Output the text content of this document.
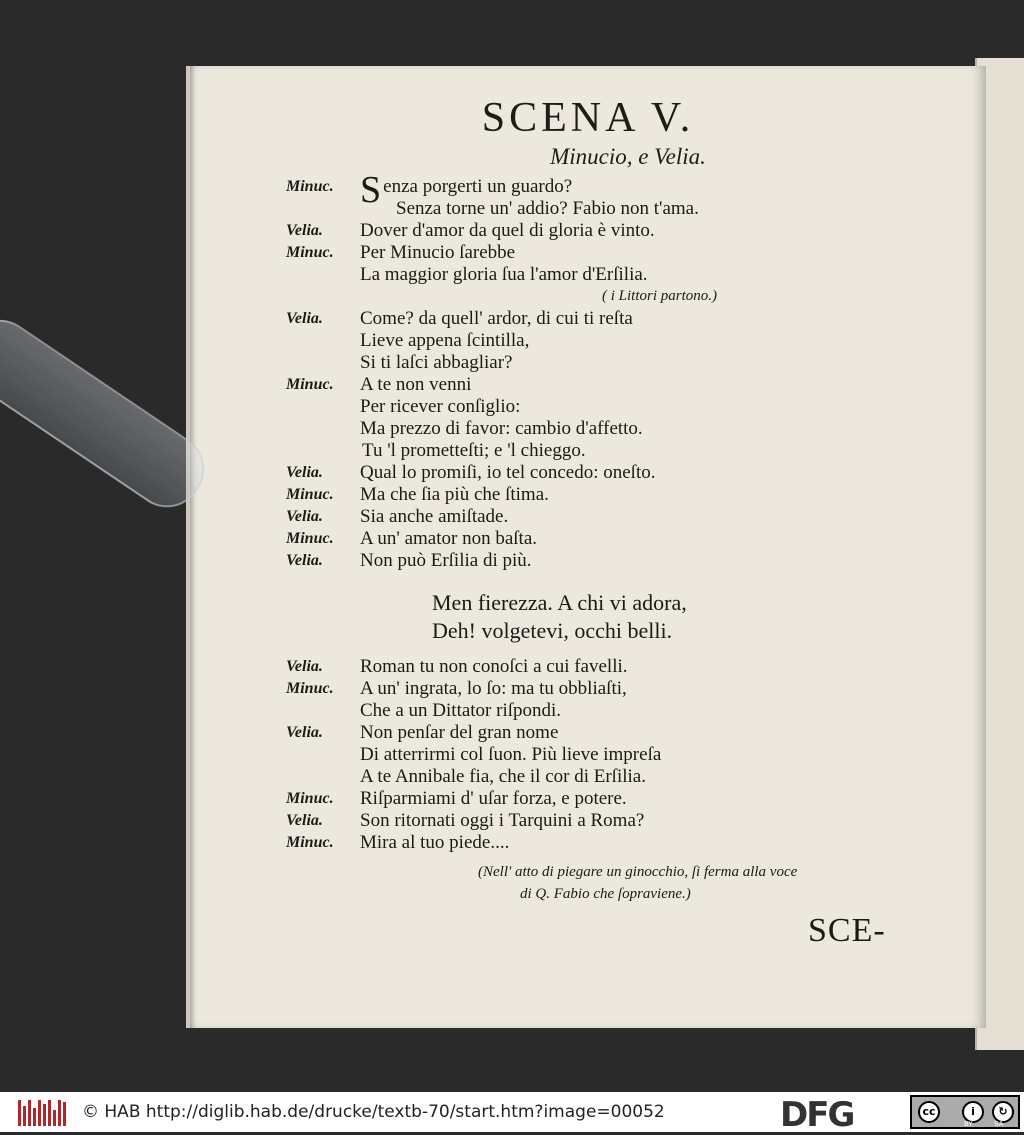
SCENA V.
Minucio, e Velia.
Minuc. Senza porgerti un guardo?
Senza torne un' addio? Fabio non t'ama.
Velia. Dover d'amor da quel di gloria è vinto.
Minuc. Per Minucio ſarebbe
La maggior gloria ſua l'amor d'Erſilia.
Velia. Come? da quell' ardor, di cui ti reſta
Lieve appena ſcintilla,
Si ti laſci abbagliar?
Minuc. A te non venni
Per ricever conſiglio:
Ma prezzo di favor: cambio d'affetto.
Tu 'l prometteſti; e 'l chieggo.
Velia. Qual lo promiſi, io tel concedo: oneſto.
Minuc. Ma che ſia più che ſtima.
Velia. Sia anche amiſtade.
Minuc. A un' amator non baſta.
Velia. Non può Erſilia di più.
( i Littori partono.)
Men fierezza. A chi vi adora,
Deh! volgetevi, occhi belli.
Velia. Roman tu non conoſci a cui favelli.
Minuc. A un' ingrata, lo ſo: ma tu obbliaſti,
Che a un Dittator riſpondi.
Velia. Non penſar del gran nome
Di atterrirmi col ſuon. Più lieve impreſa
A te Annibale fia, che il cor di Erſilia.
Minuc. Riſparmiami d' uſar forza, e potere.
Velia. Son ritornati oggi i Tarquini a Roma?
Minuc. Mira al tuo piede....
(Nell' atto di piegare un ginocchio, ſi ferma alla voce
di Q. Fabio che ſopraviene.)
SCE-
© HAB http://diglib.hab.de/drucke/textb-70/start.htm?image=00052	DFG	cc	i	↻
BY	SA
